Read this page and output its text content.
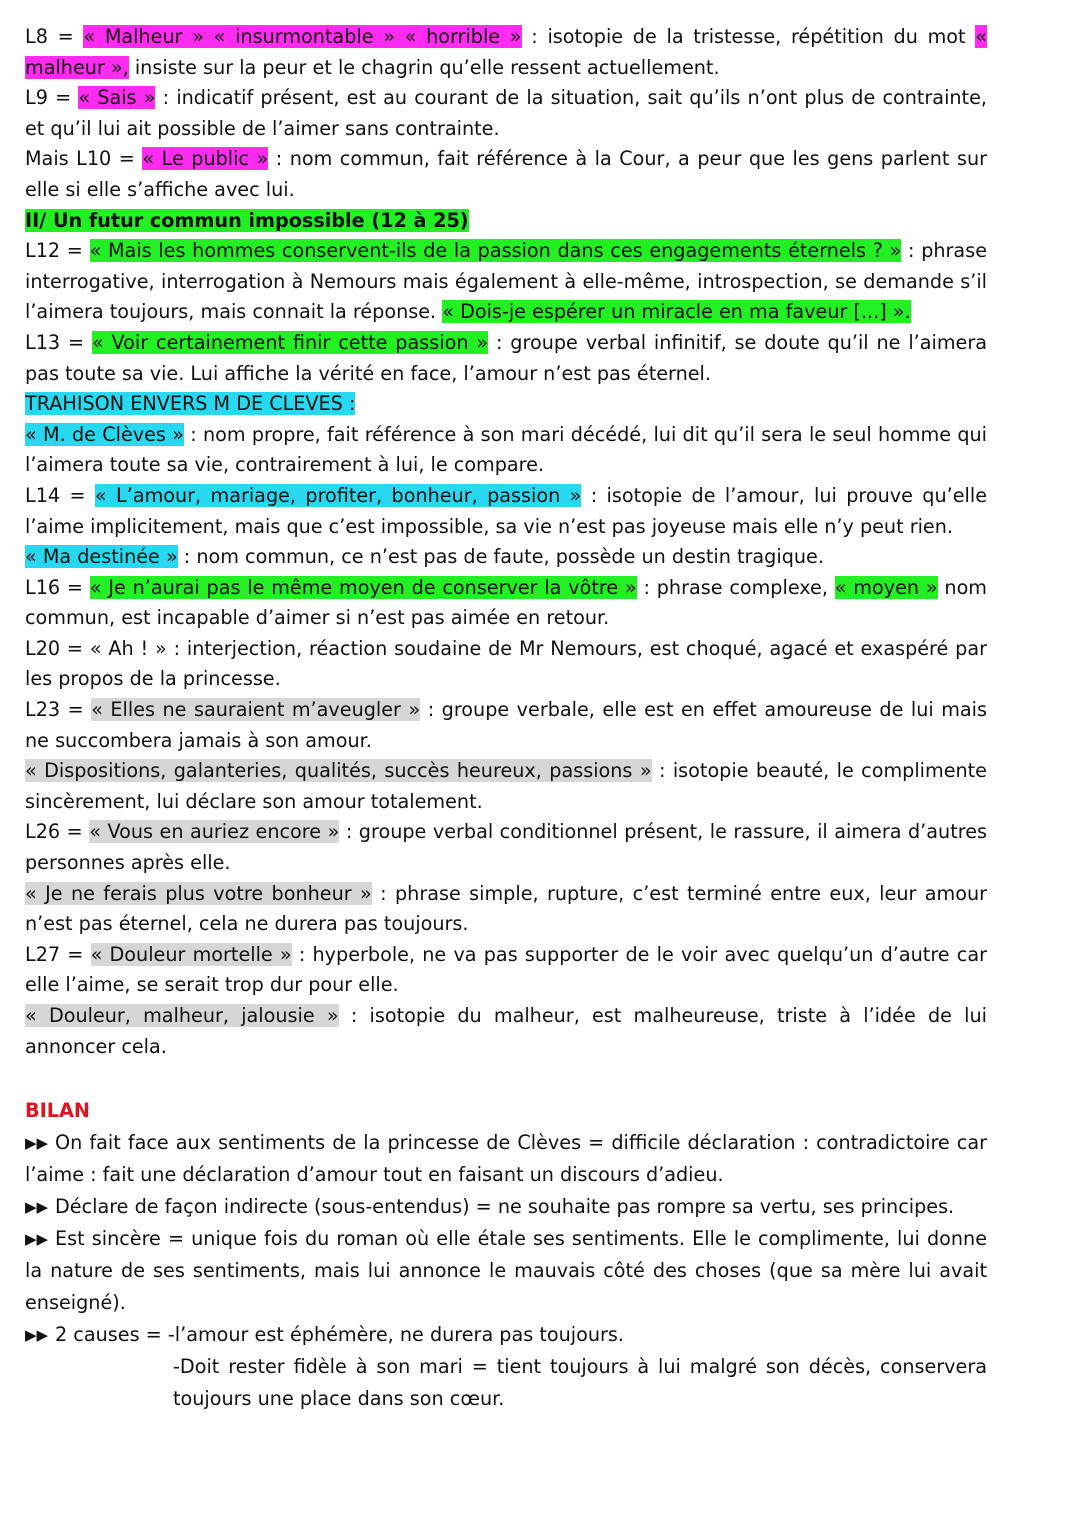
L8 = « Malheur » « insurmontable » « horrible » : isotopie de la tristesse, répétition du mot « malheur », insiste sur la peur et le chagrin qu’elle ressent actuellement.

L9 = « Sais » : indicatif présent, est au courant de la situation, sait qu’ils n’ont plus de contrainte, et qu’il lui ait possible de l’aimer sans contrainte.

Mais L10 = « Le public » : nom commun, fait référence à la Cour, a peur que les gens parlent sur elle si elle s’affiche avec lui.

II/ Un futur commun impossible (12 à 25)

L12 = « Mais les hommes conservent-ils de la passion dans ces engagements éternels ? » : phrase interrogative, interrogation à Nemours mais également à elle-même, introspection, se demande s’il l’aimera toujours, mais connait la réponse. « Dois-je espérer un miracle en ma faveur [...] ».

L13 = « Voir certainement finir cette passion » : groupe verbal infinitif, se doute qu’il ne l’aimera pas toute sa vie. Lui affiche la vérité en face, l’amour n’est pas éternel.

TRAHISON ENVERS M DE CLEVES :

« M. de Clèves » : nom propre, fait référence à son mari décédé, lui dit qu’il sera le seul homme qui l’aimera toute sa vie, contrairement à lui, le compare.

L14 = « L’amour, mariage, profiter, bonheur, passion » : isotopie de l’amour, lui prouve qu’elle l’aime implicitement, mais que c’est impossible, sa vie n’est pas joyeuse mais elle n’y peut rien.

« Ma destinée » : nom commun, ce n’est pas de faute, possède un destin tragique.

L16 = « Je n’aurai pas le même moyen de conserver la vôtre » : phrase complexe, « moyen » nom commun, est incapable d’aimer si n’est pas aimée en retour.

L20 = « Ah ! » : interjection, réaction soudaine de Mr Nemours, est choqué, agacé et exaspéré par les propos de la princesse.

L23 = « Elles ne sauraient m’aveugler » : groupe verbale, elle est en effet amoureuse de lui mais ne succombera jamais à son amour.

« Dispositions, galanteries, qualités, succès heureux, passions » : isotopie beauté, le complimente sincèrement, lui déclare son amour totalement.

L26 = « Vous en auriez encore » : groupe verbal conditionnel présent, le rassure, il aimera d’autres personnes après elle.

« Je ne ferais plus votre bonheur » : phrase simple, rupture, c’est terminé entre eux, leur amour n’est pas éternel, cela ne durera pas toujours.

L27 = « Douleur mortelle » : hyperbole, ne va pas supporter de le voir avec quelqu’un d’autre car elle l’aime, se serait trop dur pour elle.

« Douleur, malheur, jalousie » : isotopie du malheur, est malheureuse, triste à l’idée de lui annoncer cela.

BILAN

▶▶ On fait face aux sentiments de la princesse de Clèves = difficile déclaration : contradictoire car l’aime : fait une déclaration d’amour tout en faisant un discours d’adieu.

▶▶ Déclare de façon indirecte (sous-entendus) = ne souhaite pas rompre sa vertu, ses principes.

▶▶ Est sincère = unique fois du roman où elle étale ses sentiments. Elle le complimente, lui donne la nature de ses sentiments, mais lui annonce le mauvais côté des choses (que sa mère lui avait enseigné).

▶▶ 2 causes = -l’amour est éphémère, ne durera pas toujours.

-Doit rester fidèle à son mari = tient toujours à lui malgré son décès, conservera toujours une place dans son cœur.
